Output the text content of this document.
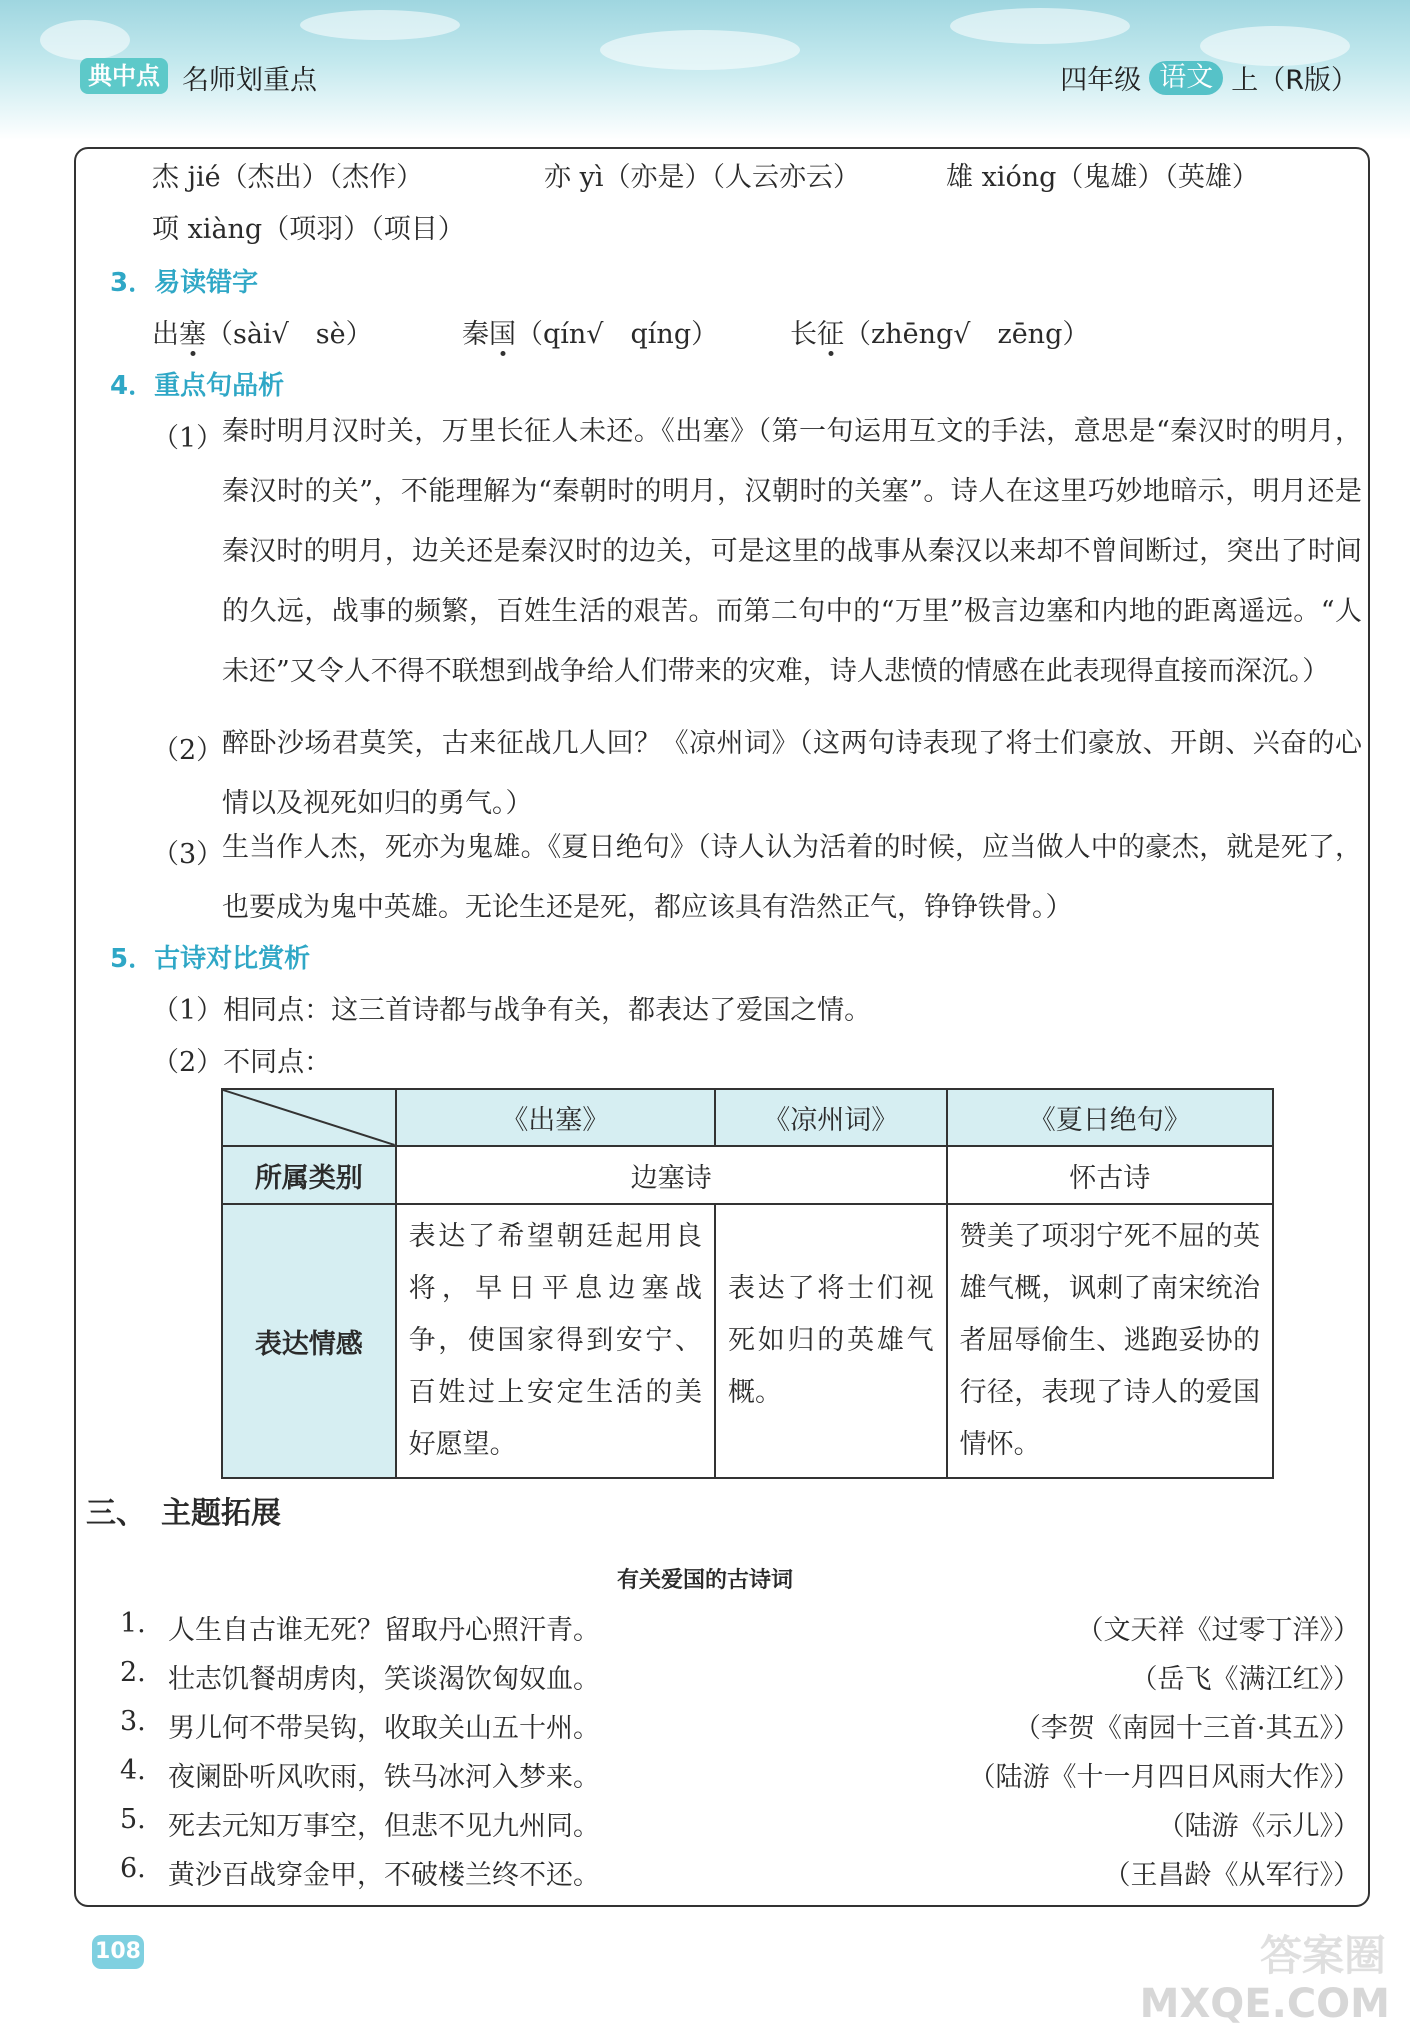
典中点 名师划重点	四年级 语文 上（R版）
杰 jié（杰出）（杰作）	亦 yì（亦是）（人云亦云）	雄 xióng（鬼雄）（英雄）
项 xiàng（项羽）（项目）
3．易读错字
出塞（sài√　sè）	秦国（qín√　qíng）	长征（zhēng√　zēng）
4．重点句品析
（1）
秦时明月汉时关，万里长征人未还。《出塞》（第一句运用互文的手法，意思是“秦汉时的明月，秦汉时的关”，不能理解为“秦朝时的明月，汉朝时的关塞”。诗人在这里巧妙地暗示，明月还是秦汉时的明月，边关还是秦汉时的边关，可是这里的战事从秦汉以来却不曾间断过，突出了时间的久远，战事的频繁，百姓生活的艰苦。而第二句中的“万里”极言边塞和内地的距离遥远。“人未还”又令人不得不联想到战争给人们带来的灾难，诗人悲愤的情感在此表现得直接而深沉。）
（2）
醉卧沙场君莫笑，古来征战几人回？《凉州词》（这两句诗表现了将士们豪放、开朗、兴奋的心情以及视死如归的勇气。）
（3）
生当作人杰，死亦为鬼雄。《夏日绝句》（诗人认为活着的时候，应当做人中的豪杰，就是死了，也要成为鬼中英雄。无论生还是死，都应该具有浩然正气，铮铮铁骨。）
5．古诗对比赏析
（1）相同点：这三首诗都与战争有关，都表达了爱国之情。
（2）不同点：
	《出塞》	《凉州词》	《夏日绝句》
所属类别	边塞诗		怀古诗
表达情感	表达了希望朝廷起用良将，早日平息边塞战争，使国家得到安宁、百姓过上安定生活的美好愿望。	表达了将士们视死如归的英雄气概。	赞美了项羽宁死不屈的英雄气概，讽刺了南宋统治者屈辱偷生、逃跑妥协的行径，表现了诗人的爱国情怀。
三、　主题拓展
有关爱国的古诗词
1. 人生自古谁无死？留取丹心照汗青。	（文天祥《过零丁洋》）
2. 壮志饥餐胡虏肉，笑谈渴饮匈奴血。	（岳飞《满江红》）
3. 男儿何不带吴钩，收取关山五十州。	（李贺《南园十三首·其五》）
4. 夜阑卧听风吹雨，铁马冰河入梦来。	（陆游《十一月四日风雨大作》）
5. 死去元知万事空，但悲不见九州同。	（陆游《示儿》）
6. 黄沙百战穿金甲，不破楼兰终不还。	（王昌龄《从军行》）
108	答案圈
MXQE.COM
